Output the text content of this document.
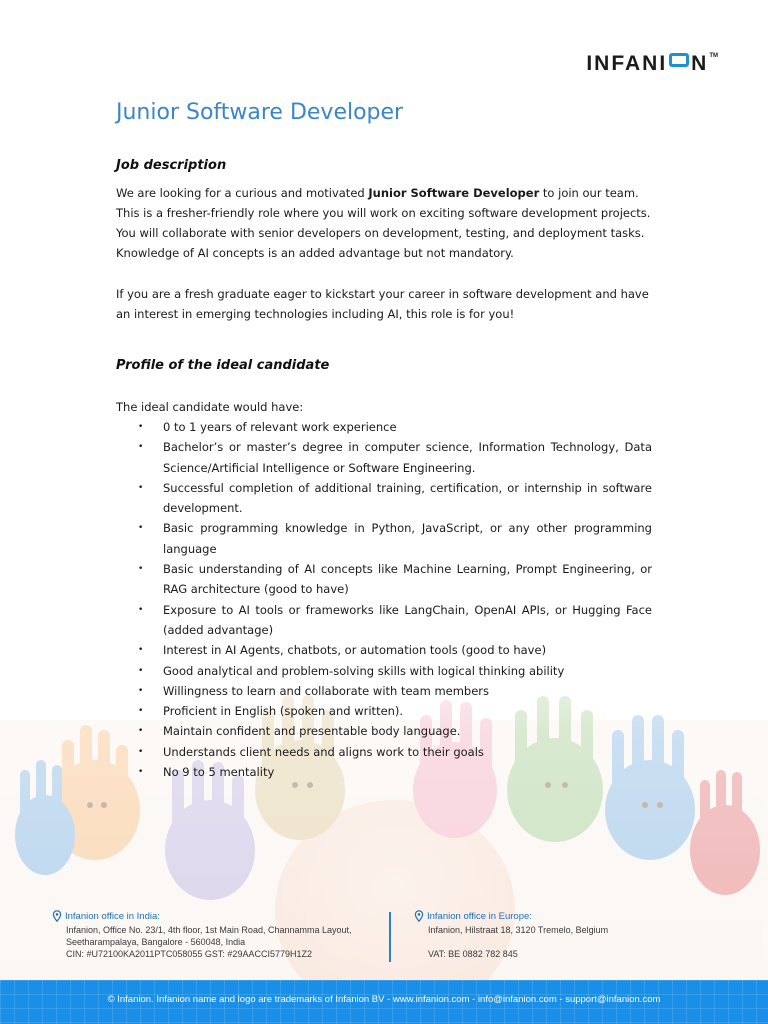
INFANI N TM
Junior Software Developer
Job description

We are looking for a curious and motivated Junior Software Developer to join our team. This is a fresher-friendly role where you will work on exciting software development projects. You will collaborate with senior developers on development, testing, and deployment tasks. Knowledge of AI concepts is an added advantage but not mandatory.

If you are a fresh graduate eager to kickstart your career in software development and have an interest in emerging technologies including AI, this role is for you!

Profile of the ideal candidate

The ideal candidate would have:

• 0 to 1 years of relevant work experience
• Bachelor’s or master’s degree in computer science, Information Technology, Data Science/Artificial Intelligence or Software Engineering.
• Successful completion of additional training, certification, or internship in software development.
• Basic programming knowledge in Python, JavaScript, or any other programming language
• Basic understanding of AI concepts like Machine Learning, Prompt Engineering, or RAG architecture (good to have)
• Exposure to AI tools or frameworks like LangChain, OpenAI APIs, or Hugging Face (added advantage)
• Interest in AI Agents, chatbots, or automation tools (good to have)
• Good analytical and problem-solving skills with logical thinking ability
• Willingness to learn and collaborate with team members
• Proficient in English (spoken and written).
• Maintain confident and presentable body language.
• Understands client needs and aligns work to their goals
• No 9 to 5 mentality
Infanion office in India:
Infanion, Office No. 23/1, 4th floor, 1st Main Road, Channamma Layout,
Seetharampalaya, Bangalore - 560048, India
CIN: #U72100KA2011PTC058055 GST: #29AACCI5779H1Z2
Infanion office in Europe:
Infanion, Hilstraat 18, 3120 Tremelo, Belgium
VAT: BE 0882 782 845
© Infanion. Infanion name and logo are trademarks of Infanion BV - www.infanion.com - info@infanion.com - support@infanion.com
